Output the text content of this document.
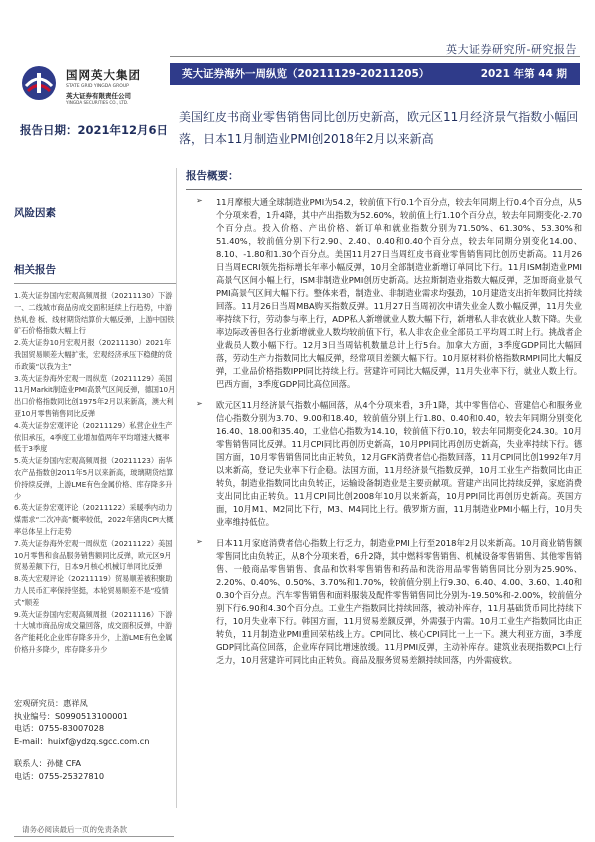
英大证券研究所-研究报告
国网英大集团
STATE GRID YINGDA GROUP
英大证券有限责任公司
YINGDA SECURITIES CO., LTD.
英大证券海外一周纵览（20211129-20211205）	2021 年第 44 期
美国红皮书商业零售销售同比创历史新高，欧元区11月经济景气指数小幅回落，日本11月制造业PMI创2018年2月以来新高
报告日期：2021年12月6日
风险因素
相关报告

1.英大证券国内宏观高频周报（20211130）下游一、二线城市商品房成交面积延续上行趋势，中游热轧卷 板、线材期货结算价大幅反弹，上游中国铁矿石价格指数大幅上行

2.英大证券10月宏观月报（20211130）2021年我国贸易顺差大幅扩张，宏观经济承压下稳健的货币政策“以我为主”

3.英大证券海外宏观一周纵览（20211129）美国11月Markit制造业PMI高景气区间反弹，德国10月出口价格指数同比创1975年2月以来新高，澳大利亚10月零售销售同比反弹

4.英大证券宏观评论（20211129）私营企业生产依旧承压，4季度工业增加值两年平均增速大概率低于3季度

5.英大证券国内宏观高频周报（20211123）南华农产品指数创2011年5月以来新高，玻璃期货结算价持续反弹，上游LME有色金属价格、库存降多升少

6.英大证券宏观评论（20211122）采暖季内动力煤需求“二次冲高”概率较低，2022年猪肉CPI大概率总体呈上行走势

7.英大证券海外宏观一周纵览（20211122）美国10月零售和食品服务销售额同比反弹，欧元区9月贸易差额下行，日本9月核心机械订单同比反弹

8.英大宏观评论（20211119）贸易顺差被积聚助力人民币汇率保持坚挺，本轮贸易顺差不是“疫情式”顺差

9.英大证券国内宏观高频周报（20211116）下游十大城市商品房成交量回落，成交面积反弹，中游各产能耗化企业库存降多升少，上游LME有色金属价格升多降少，库存降多升少

宏观研究员：惠祥凤

执业编号：S0990513100001

电话：0755-83007028

E-mail：huixf@ydzq.sgcc.com.cn

联系人：孙健 CFA

电话：0755-25327810

请务必阅读最后一页的免责条款
报告概要：
➢ 11月摩根大通全球制造业PMI为54.2，较前值下行0.1个百分点，较去年同期上行0.4个百分点，从5个分项来看，1升4降，其中产出指数为52.60%，较前值上行1.10个百分点，较去年同期变化-2.70个百分点。投入价格、产出价格、新订单和就业指数分别为71.50%、61.30%、53.30%和51.40%，较前值分别下行2.90、2.40、0.40和0.40个百分点，较去年同期分别变化14.00、8.10、-1.80和1.30个百分点。美国11月27日当周红皮书商业零售销售同比创历史新高。11月26日当周ECRI领先指标增长年率小幅反弹，10月全部制造业新增订单同比下行。11月ISM制造业PMI高景气区间小幅上行，ISM非制造业PMI创历史新高。达拉斯制造业指数大幅反弹，芝加哥商业景气PMI高景气区间大幅下行。整体来看，制造业、非制造业需求均强劲，10月建造支出折年数同比持续回落。11月26日当周MBA购买指数反弹。11月27日当周初次申请失业金人数小幅反弹，11月失业率持续下行，劳动参与率上行，ADP私人新增就业人数大幅下行，新增私人非农就业人数下降。失业率边际改善但各行业新增就业人数均较前值下行，私人非农企业全部员工平均周工时上行。挑战者企业裁员人数小幅下行。12月3日当周钻机数量总计上行5台。加拿大方面，3季度GDP同比大幅回落，劳动生产力指数同比大幅反弹，经常项目差额大幅下行。10月原材料价格指数RMPI同比大幅反弹，工业品价格指数IPPI同比持续上行。营建许可同比大幅反弹，11月失业率下行，就业人数上行。巴西方面，3季度GDP同比高位回落。
➢ 欧元区11月经济景气指数小幅回落，从4个分项来看，3升1降，其中零售信心、营建信心和服务业信心指数分别为3.70、9.00和18.40，较前值分别上行1.80、0.40和0.40，较去年同期分别变化16.40、18.00和35.40，工业信心指数为14.10，较前值下行0.10，较去年同期变化24.30。10月零售销售同比反弹。11月CPI同比再创历史新高，10月PPI同比再创历史新高，失业率持续下行。德国方面，10月零售销售同比由正转负，12月GFK消费者信心指数回落，11月CPI同比创1992年7月以来新高，登记失业率下行企稳。法国方面，11月经济景气指数反弹，10月工业生产指数同比由正转负，制造业指数同比由负转正，运输设备制造业是主要贡献项。营建产出同比持续反弹，家庭消费支出同比由正转负。11月CPI同比创2008年10月以来新高，10月PPI同比再创历史新高。英国方面，10月M1、M2同比下行，M3、M4同比上行。俄罗斯方面，11月制造业PMI小幅上行，10月失业率维持低位。
➢ 日本11月家庭消费者信心指数上行乏力，制造业PMI上行至2018年2月以来新高。10月商业销售额零售同比由负转正，从8个分项来看，6升2降，其中燃料零售销售、机械设备零售销售、其他零售销售、一般商品零售销售、食品和饮料零售销售和药品和洗浴用品零售销售同比分别为25.90%、2.20%、0.40%、0.50%、3.70%和1.70%，较前值分别上行9.30、6.40、4.00、3.60、1.40和0.30个百分点。汽车零售销售和面料服装及配件零售销售同比分别为-19.50%和-2.00%，较前值分别下行6.90和4.30个百分点。工业生产指数同比持续回落，被动补库存，11月基础货币同比持续下行，10月失业率下行。韩国方面，11月贸易差额反弹，外需强于内需。10月工业生产指数同比由正转负，11月制造业PMI重回荣枯线上方。CPI同比、核心CPI同比一上一下。澳大利亚方面，3季度GDP同比高位回落，企业库存同比增速放缓。11月PMI反弹，主动补库存。建筑业表现指数PCI上行乏力，10月营建许可同比由正转负。商品及服务贸易差额持续回落，内外需疲软。
